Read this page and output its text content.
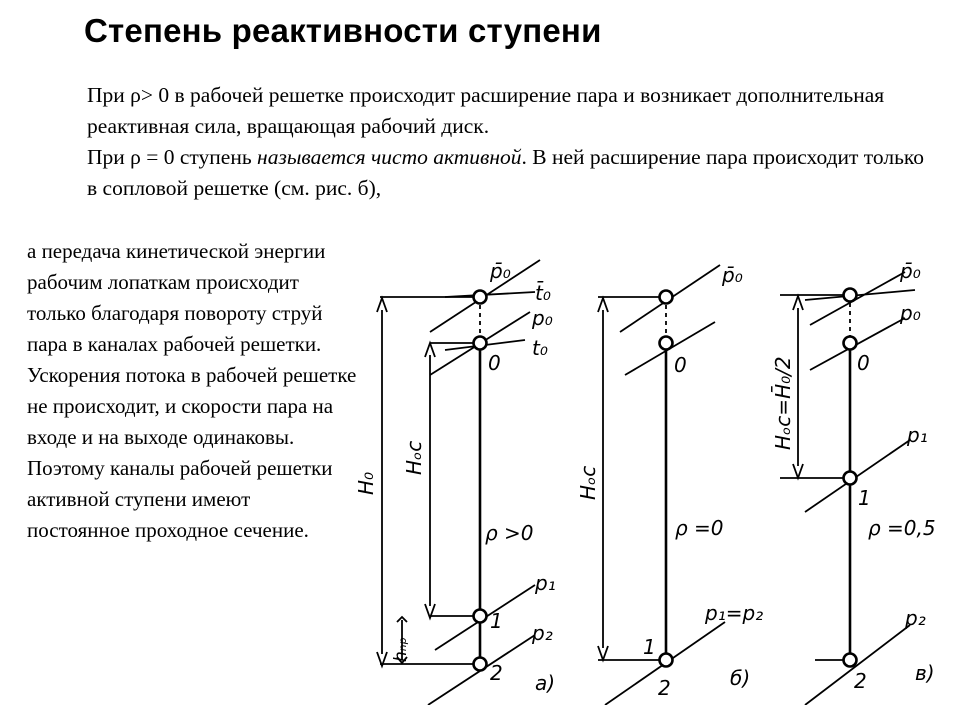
Степень реактивности ступени

При ρ> 0 в рабочей решетке происходит расширение пара и возникает дополнительная реактивная сила, вращающая рабочий диск.

При ρ = 0 ступень называется чисто активной. В ней расширение пара происходит только в сопловой решетке (см. рис. б),

а передача кинетической энергии рабочим лопаткам происходит только благодаря повороту струй пара в каналах рабочей решетки. Ускорения потока в рабочей решетке не происходит, и скорости пара на входе и на выходе одинаковы. Поэтому каналы рабочей решетки активной ступени имеют постоянное проходное сечение.

p̄₀
t̄₀
p₀
t₀
0
ρ >0
p₁
p₂
1
2 а)
H₀
Hₒc
hₙₚ
p̄₀
0
ρ =0
p₁=p₂
1
2	б)
Hₒc
p̄₀
p₀
0
p₁
1
ρ =0,5
p₂
2 в)
Hₒc=H̄₀/2
